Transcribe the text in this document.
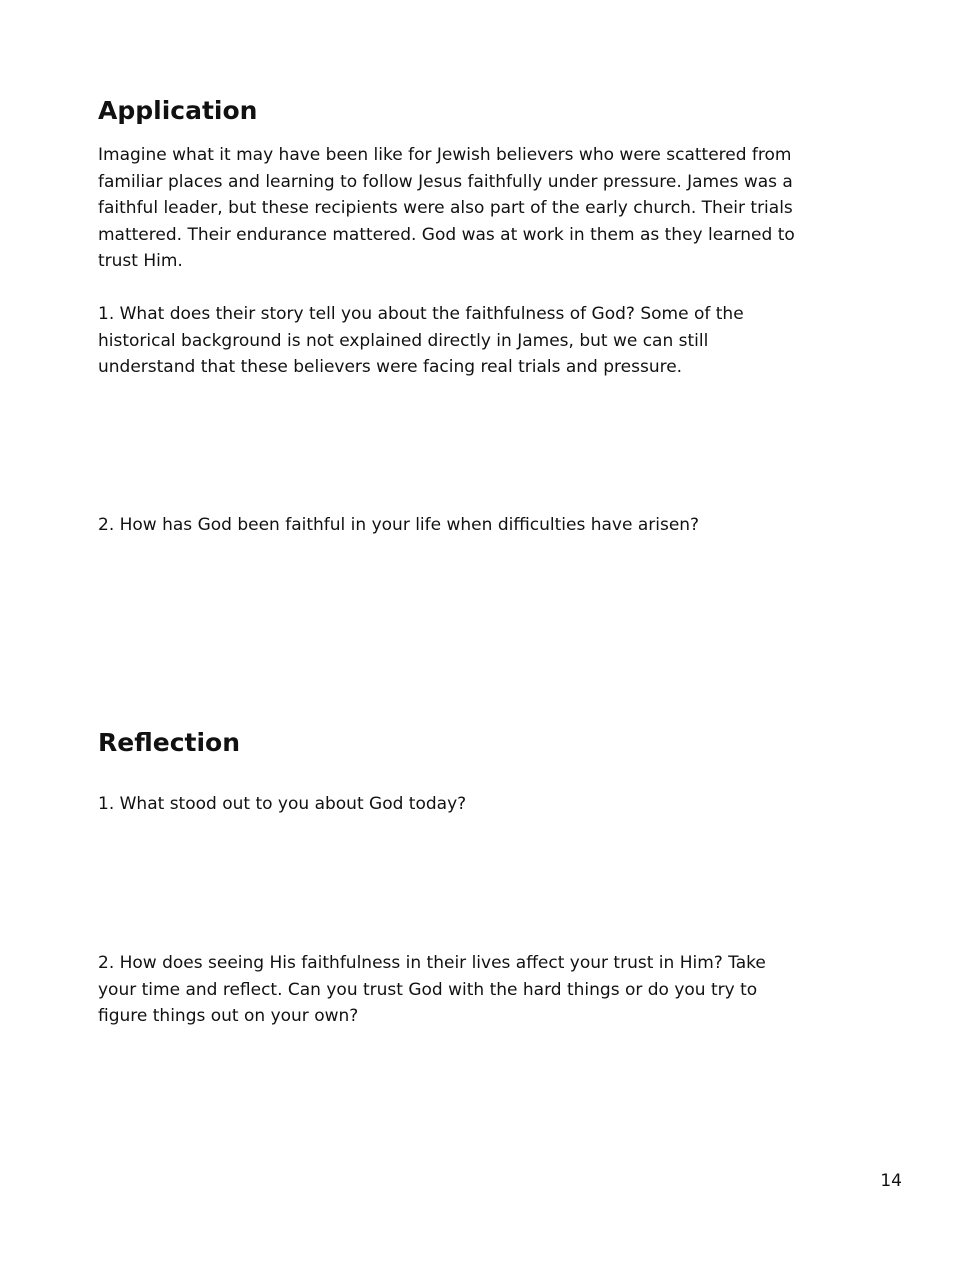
Application
Imagine what it may have been like for Jewish believers who were scattered from
familiar places and learning to follow Jesus faithfully under pressure. James was a
faithful leader, but these recipients were also part of the early church. Their trials
mattered. Their endurance mattered. God was at work in them as they learned to
trust Him.
1. What does their story tell you about the faithfulness of God? Some of the
historical background is not explained directly in James, but we can still
understand that these believers were facing real trials and pressure.
2. How has God been faithful in your life when difficulties have arisen?
Reflection
1. What stood out to you about God today?
2. How does seeing His faithfulness in their lives affect your trust in Him? Take
your time and reflect. Can you trust God with the hard things or do you try to
figure things out on your own?

14
